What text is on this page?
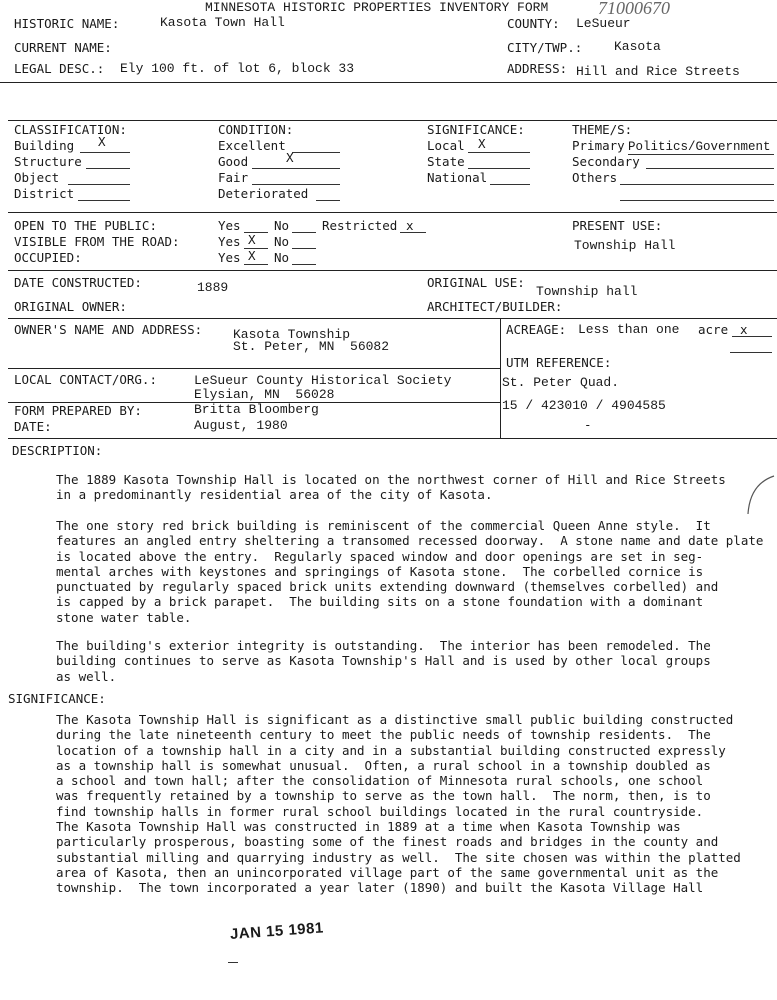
MINNESOTA HISTORIC PROPERTIES INVENTORY FORM	71000670
HISTORIC NAME:	Kasota Town Hall	COUNTY: LeSueur
CURRENT NAME:	CITY/TWP.: Kasota
LEGAL DESC.: Ely 100 ft. of lot 6, block 33	ADDRESS: Hill and Rice Streets
CLASSIFICATION:
Building X
Structure
Object
District
CONDITION:
Excellent
Good	X
Fair
Deteriorated
SIGNIFICANCE:
Local X
State
National
THEME/S:
Primary Politics/Government
Secondary
Others
OPEN TO THE PUBLIC:	Yes	No	Restricted x
VISIBLE FROM THE ROAD:	Yes X No
OCCUPIED:	Yes X No
PRESENT USE:
Township Hall
DATE CONSTRUCTED:	1889	ORIGINAL USE:
Township hall
ORIGINAL OWNER:	ARCHITECT/BUILDER:
OWNER'S NAME AND ADDRESS: Kasota Township
St. Peter, MN  56082
ACREAGE: Less than one acre x
UTM REFERENCE:
St. Peter Quad.
15 / 423010 / 4904585
-
LOCAL CONTACT/ORG.:	LeSueur County Historical Society
Elysian, MN  56028
FORM PREPARED BY:	Britta Bloomberg
DATE:	August, 1980
DESCRIPTION:

The 1889 Kasota Township Hall is located on the northwest corner of Hill and Rice Streets
in a predominantly residential area of the city of Kasota.

The one story red brick building is reminiscent of the commercial Queen Anne style.  It
features an angled entry sheltering a transomed recessed doorway.  A stone name and date plate
is located above the entry.  Regularly spaced window and door openings are set in seg-
mental arches with keystones and springings of Kasota stone.  The corbelled cornice is
punctuated by regularly spaced brick units extending downward (themselves corbelled) and
is capped by a brick parapet.  The building sits on a stone foundation with a dominant
stone water table.

The building's exterior integrity is outstanding.  The interior has been remodeled. The
building continues to serve as Kasota Township's Hall and is used by other local groups
as well.

SIGNIFICANCE:

The Kasota Township Hall is significant as a distinctive small public building constructed
during the late nineteenth century to meet the public needs of township residents.  The
location of a township hall in a city and in a substantial building constructed expressly
as a township hall is somewhat unusual.  Often, a rural school in a township doubled as
a school and town hall; after the consolidation of Minnesota rural schools, one school
was frequently retained by a township to serve as the town hall.  The norm, then, is to
find township halls in former rural school buildings located in the rural countryside.
The Kasota Township Hall was constructed in 1889 at a time when Kasota Township was
particularly prosperous, boasting some of the finest roads and bridges in the county and
substantial milling and quarrying industry as well.  The site chosen was within the platted
area of Kasota, then an unincorporated village part of the same governmental unit as the
township.  The town incorporated a year later (1890) and built the Kasota Village Hall

JAN 15 1981
